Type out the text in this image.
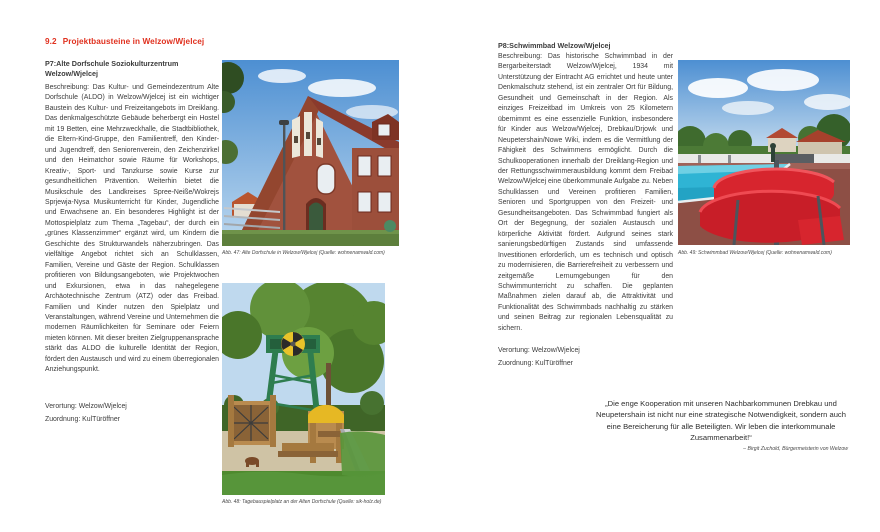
9.2 Projektbausteine in Welzow/Wjelcej
P7:Alte Dorfschule Soziokulturzentrum Welzow/Wjelcej
Beschreibung: Das Kultur- und Gemeindezentrum Alte Dorfschule (ALDO) in Welzow/Wjelcej ist ein wichtiger Baustein des Kultur- und Freizeitangebots im Dreiklang. Das denkmalgeschützte Gebäude beherbergt ein Hostel mit 19 Betten, eine Mehrzweckhalle, die Stadtbibliothek, die Eltern-Kind-Gruppe, den Familientreff, den Kinder- und Jugendtreff, den Seniorenverein, den Zeichenzirkel und den Heimatchor sowie Räume für Workshops, Kreativ-, Sport- und Tanzkurse sowie Kurse zur gesundheitlichen Prävention. Weiterhin bietet die Musikschule des Landkreises Spree-Neiße/Wokrejs Sprjewja-Nysa Musikunterricht für Kinder, Jugendliche und Erwachsene an. Ein besonderes Highlight ist der Mottospielplatz zum Thema „Tagebau“, der durch ein „grünes Klassenzimmer“ ergänzt wird, um Kindern die Geschichte des Strukturwandels näherzubringen. Das vielfältige Angebot richtet sich an Schulklassen, Familien, Vereine und Gäste der Region. Schulklassen profitieren von Bildungsangeboten, wie Projektwochen und Exkursionen, etwa in das nahegelegene Archäotechnische Zentrum (ATZ) oder das Freibad. Familien und Kinder nutzen den Spielplatz und Veranstaltungen, während Vereine und Unternehmen die modernen Räumlichkeiten für Seminare oder Feiern mieten können. Mit dieser breiten Zielgruppenansprache stärkt das ALDO die kulturelle Identität der Region, fördert den Austausch und wird zu einem überregionalen Anziehungspunkt.
Verortung: Welzow/Wjelcej
Zuordnung: KulTüröffner
Abb. 47: Alte Dorfschule in Welzow/Wjelcej (Quelle: wohnenamwald.com)
Abb. 48: Tagebauspielplatz an der Alten Dorfschule (Quelle: sik-holz.de)
P8:Schwimmbad Welzow/Wjelcej
Beschreibung: Das historische Schwimmbad in der Bergarbeiterstadt Welzow/Wjelcej, 1934 mit Unterstützung der Eintracht AG errichtet und heute unter Denkmalschutz stehend, ist ein zentraler Ort für Bildung, Gesundheit und Gemeinschaft in der Region. Als einziges Freizeitbad im Umkreis von 25 Kilometern übernimmt es eine essenzielle Funktion, insbesondere für Kinder aus Welzow/Wjelcej, Drebkau/Drjowk und Neupetershain/Nowe Wiki, indem es die Vermittlung der Fähigkeit des Schwimmens ermöglicht. Durch die Schulkooperationen innerhalb der Dreiklang-Region und der Rettungsschwimmerausbildung kommt dem Freibad Welzow/Wjelcej eine überkommunale Aufgabe zu. Neben Schulklassen und Vereinen profitieren Familien, Senioren und Sportgruppen von den Freizeit- und Gesundheitsangeboten. Das Schwimmbad fungiert als Ort der Begegnung, der sozialen Austausch und körperliche Aktivität fördert. Aufgrund seines stark sanierungsbedürftigen Zustands sind umfassende Investitionen erforderlich, um es technisch und optisch zu modernisieren, die Barrierefreiheit zu verbessern und zeitgemäße Lernumgebungen für den Schwimmunterricht zu schaffen. Die geplanten Maßnahmen zielen darauf ab, die Attraktivität und Funktionalität des Schwimmbads nachhaltig zu stärken und seinen Beitrag zur regionalen Lebensqualität zu sichern.
Verortung: Welzow/Wjelcej
Zuordnung: KulTüröffner
Abb. 49: Schwimmbad Welzow/Wjelcej (Quelle: wohnenamwald.com)
„Die enge Kooperation mit unseren Nachbarkommunen Drebkau und Neupetershain ist nicht nur eine strategische Notwendigkeit, sondern auch eine Bereicherung für alle Beteiligten. Wir leben die interkommunale Zusammenarbeit!“
– Birgit Zuchold, Bürgermeisterin von Welzow
